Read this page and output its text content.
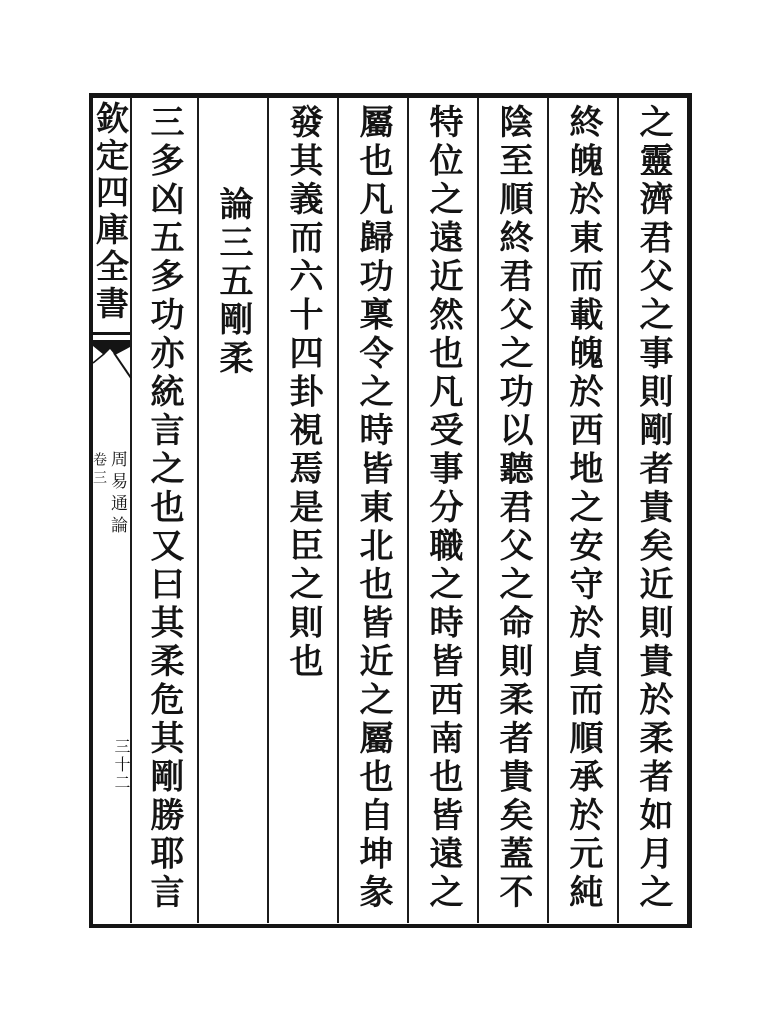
欽定四庫全書
卷三 周易通論
三十二	之靈濟君父之事則剛者貴矣近則貴於柔者如月之
終魄於東而載魄於西地之安守於貞而順承於元純
陰至順終君父之功以聽君父之命則柔者貴矣蓋不
特位之遠近然也凡受事分職之時皆西南也皆遠之
屬也凡歸功稟令之時皆東北也皆近之屬也自坤彖
發其義而六十四卦視焉是臣之則也
論三五剛柔
三多凶五多功亦統言之也又曰其柔危其剛勝耶言
